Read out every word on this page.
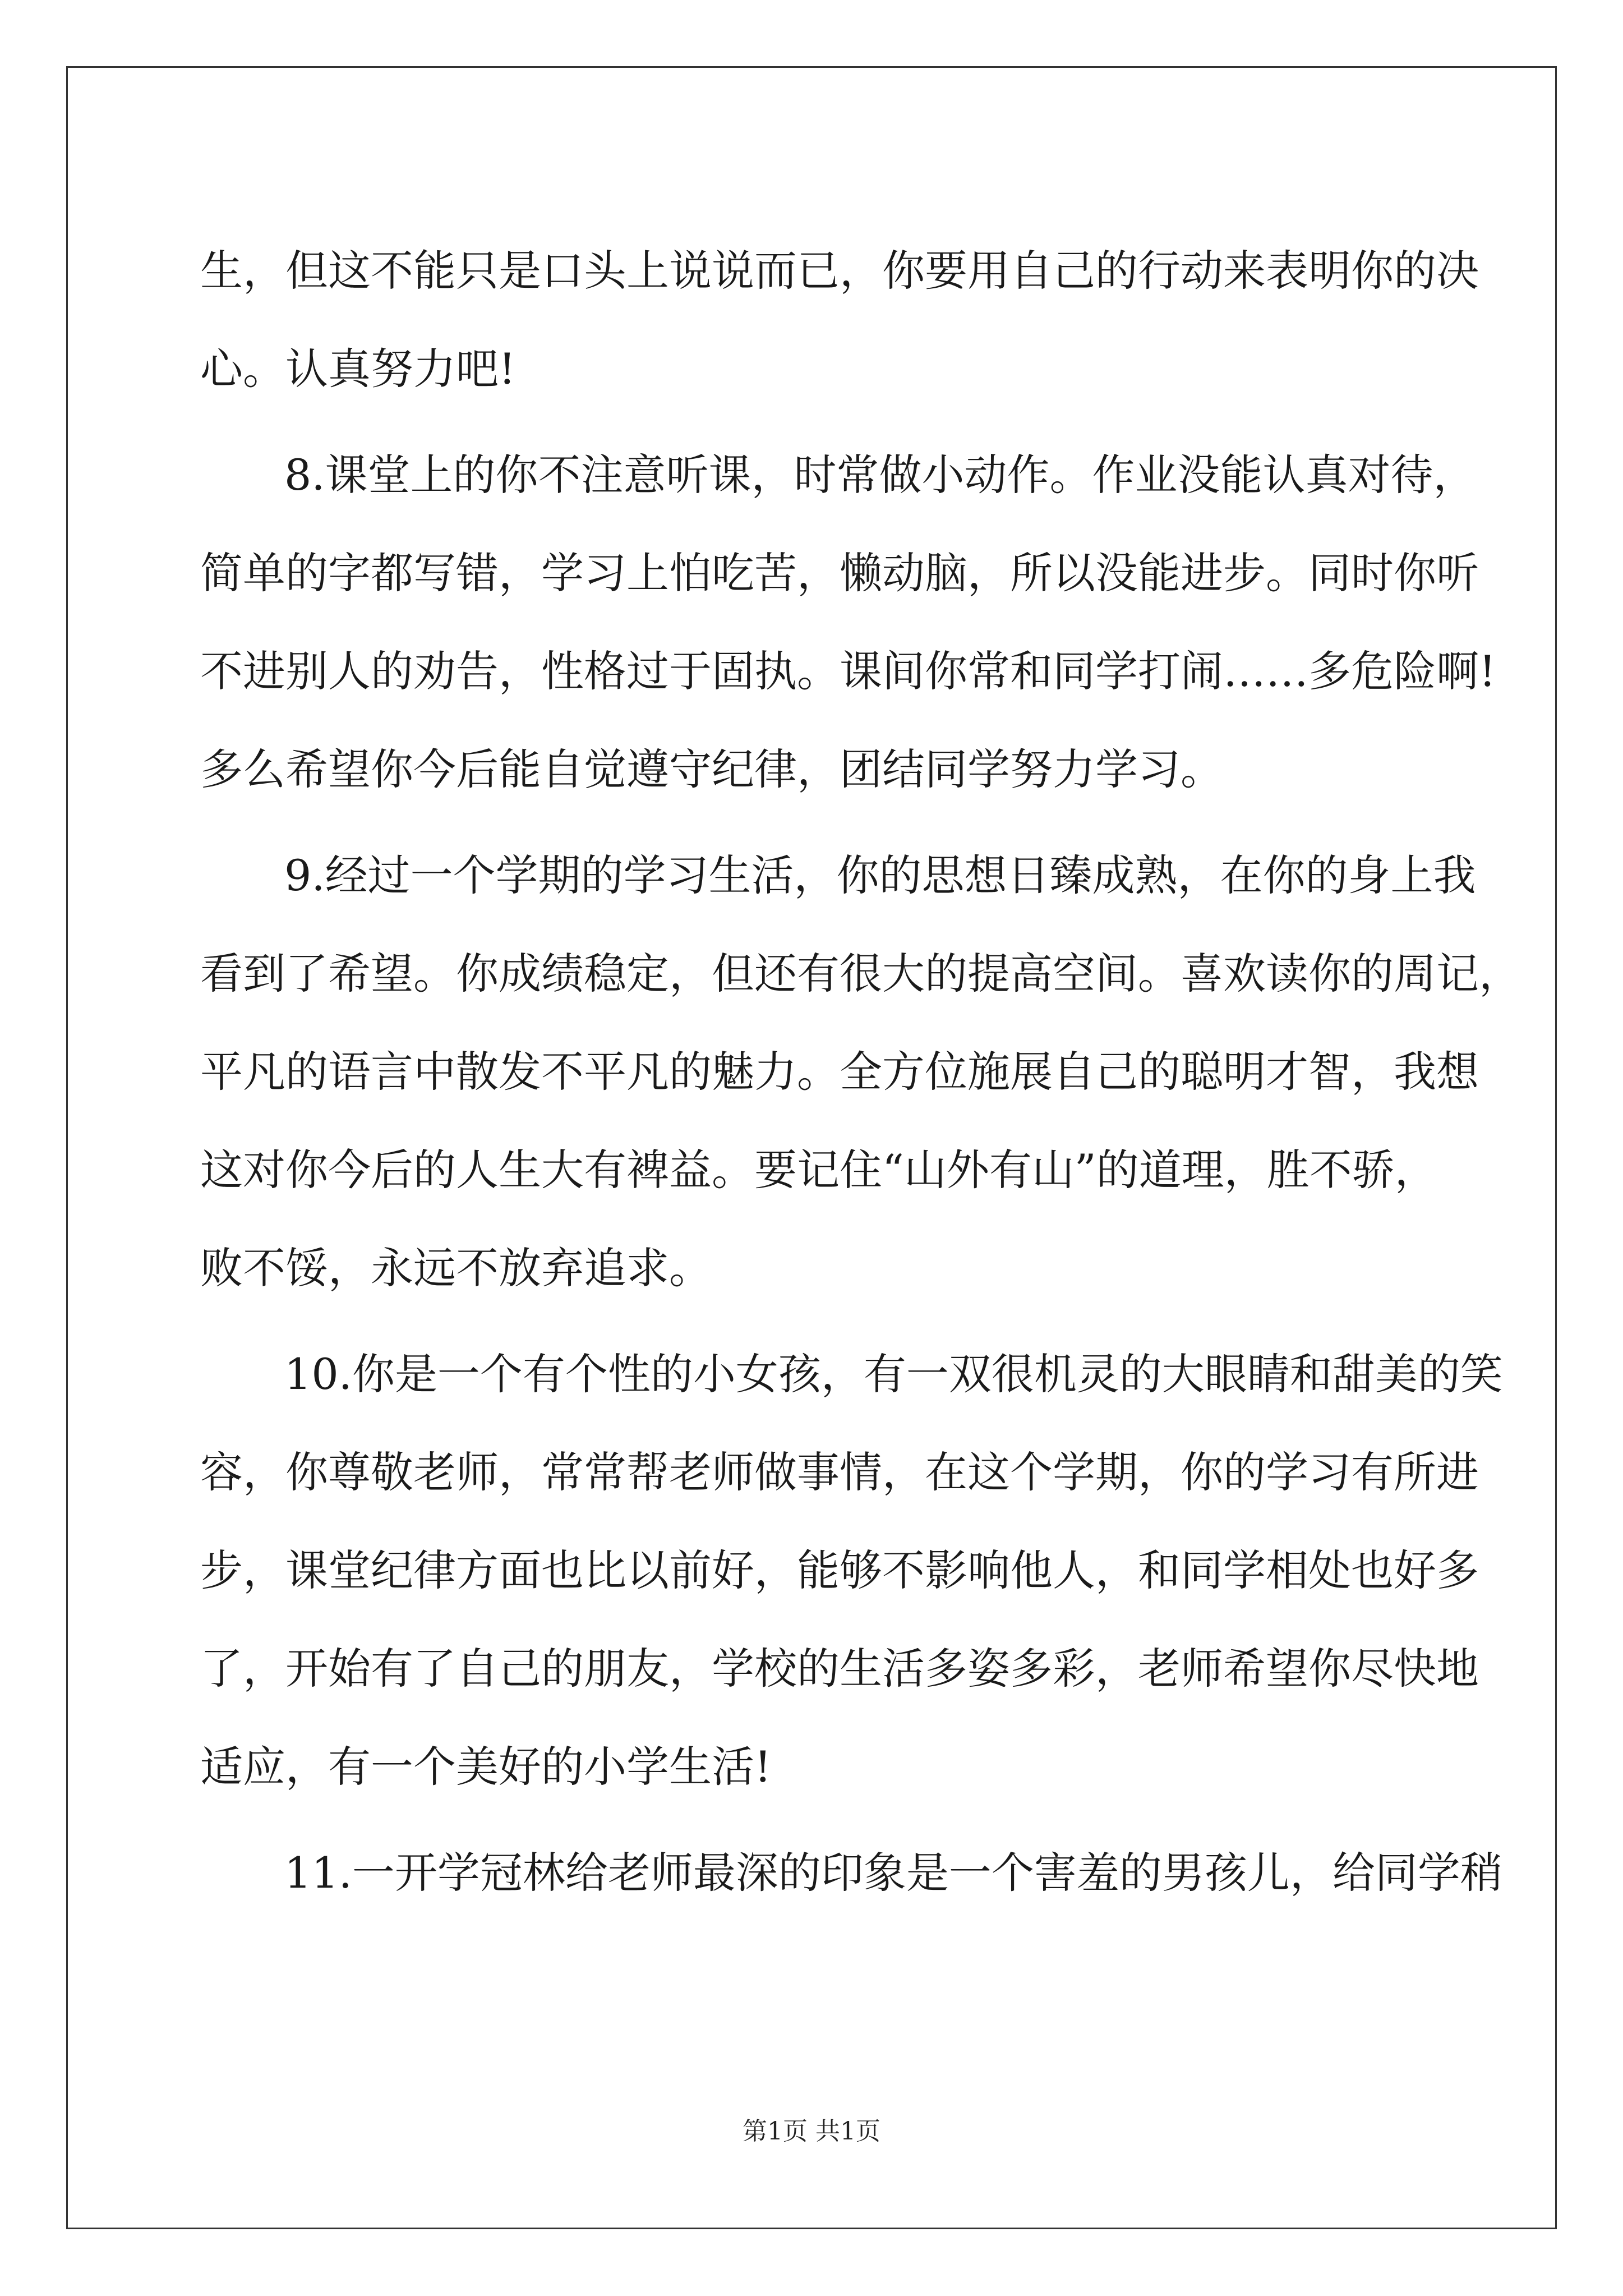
生，但这不能只是口头上说说而已，你要用自己的行动来表明你的决
心。认真努力吧!
8.课堂上的你不注意听课，时常做小动作。作业没能认真对待，
简单的字都写错，学习上怕吃苦，懒动脑，所以没能进步。同时你听
不进别人的劝告，性格过于固执。课间你常和同学打闹……多危险啊!
多么希望你今后能自觉遵守纪律，团结同学努力学习。
9.经过一个学期的学习生活，你的思想日臻成熟，在你的身上我
看到了希望。你成绩稳定，但还有很大的提高空间。喜欢读你的周记，
平凡的语言中散发不平凡的魅力。全方位施展自己的聪明才智，我想
这对你今后的人生大有裨益。要记住“山外有山”的道理，胜不骄，
败不馁，永远不放弃追求。
10.你是一个有个性的小女孩，有一双很机灵的大眼睛和甜美的笑
容，你尊敬老师，常常帮老师做事情，在这个学期，你的学习有所进
步，课堂纪律方面也比以前好，能够不影响他人，和同学相处也好多
了，开始有了自己的朋友，学校的生活多姿多彩，老师希望你尽快地
适应，有一个美好的小学生活!
11.一开学冠林给老师最深的印象是一个害羞的男孩儿，给同学稍
第1页 共1页
